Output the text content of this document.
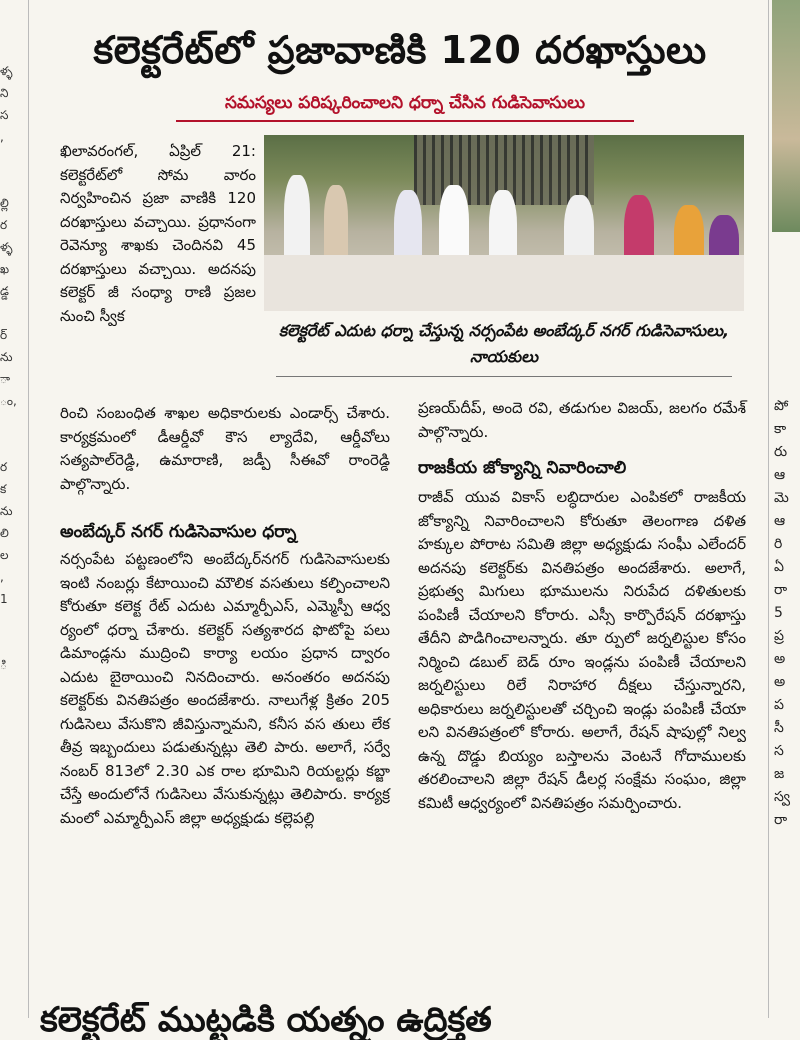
ళ్ళ
ని
స
,

ల్లి
ర
ళ్ళ
ఖ
డ్డ

ర్
ను
ా
ం,

ర
క
ను
లి
ల
,
1

ి
పో
కా
రు
ఆ
మె
ఆ
రి
ఏ
రా
5
ప్ర
అ
అ
ప
సీ
స
జ
స్వ
రా
కలెక్టరేట్‌లో ప్రజావాణికి 120 దరఖాస్తులు
సమస్యలు పరిష్కరించాలని ధర్నా చేసిన గుడిసెవాసులు
ఖిలావరంగల్, ఏప్రిల్ 21: కలెక్టరేట్‌లో సోమ వారం నిర్వహించిన ప్రజా వాణికి 120 దరఖాస్తులు వచ్చాయి. ప్రధానంగా రెవెన్యూ శాఖకు చెందినవి 45 దరఖాస్తులు వచ్చాయి. అదనపు కలెక్టర్ జీ సంధ్యా రాణి ప్రజల నుంచి స్వీక
కలెక్టరేట్ ఎదుట ధర్నా చేస్తున్న నర్సంపేట అంబేద్కర్ నగర్ గుడిసెవాసులు, నాయకులు
రించి సంబంధిత శాఖల అధికారులకు ఎండార్స్ చేశారు. కార్యక్రమంలో డీఆర్డీవో కౌస ల్యాదేవి, ఆర్డీవోలు సత్యపాల్‌రెడ్డి, ఉమారాణి, జడ్పీ సీఈవో రాంరెడ్డి పాల్గొన్నారు.
అంబేద్కర్ నగర్ గుడిసెవాసుల ధర్నా
నర్సంపేట పట్టణంలోని అంబేద్కర్‌నగర్ గుడిసెవాసులకు ఇంటి నంబర్లు కేటాయించి మౌలిక వసతులు కల్పించాలని కోరుతూ కలెక్ట రేట్ ఎదుట ఎమ్మార్పీఎస్, ఎమ్మెస్పీ ఆధ్వ ర్యంలో ధర్నా చేశారు. కలెక్టర్ సత్యశారద ఫొటోపై పలు డిమాండ్లను ముద్రించి కార్యా లయం ప్రధాన ద్వారం ఎదుట బైఠాయించి నినదించారు. అనంతరం అదనపు కలెక్టర్‌కు వినతిపత్రం అందజేశారు. నాలుగేళ్ల క్రితం 205 గుడిసెలు వేసుకొని జీవిస్తున్నామని, కనీస వస తులు లేక తీవ్ర ఇబ్బందులు పడుతున్నట్లు తెలి పారు. అలాగే, సర్వే నంబర్ 813లో 2.30 ఎక రాల భూమిని రియల్టర్లు కబ్జా చేస్తే అందులోనే గుడిసెలు వేసుకున్నట్లు తెలిపారు. కార్యక్ర మంలో ఎమ్మార్పీఎస్ జిల్లా అధ్యక్షుడు కల్లెపల్లి
ప్రణయ్‌దీప్, అందె రవి, తడుగుల విజయ్, జలగం రమేశ్ పాల్గొన్నారు.
రాజకీయ జోక్యాన్ని నివారించాలి
రాజీవ్ యువ వికాస్ లబ్ధిదారుల ఎంపికలో రాజకీయ జోక్యాన్ని నివారించాలని కోరుతూ తెలంగాణ దళిత హక్కుల పోరాట సమితి జిల్లా అధ్యక్షుడు సంఘీ ఎలేందర్ అదనపు కలెక్టర్‌కు వినతిపత్రం అందజేశారు. అలాగే, ప్రభుత్వ మిగులు భూములను నిరుపేద దళితులకు పంపిణీ చేయాలని కోరారు. ఎస్సీ కార్పొరేషన్ దరఖాస్తు తేదీని పొడిగించాలన్నారు. తూ ర్పులో జర్నలిస్టుల కోసం నిర్మించి డబుల్ బెడ్ రూం ఇండ్లను పంపిణీ చేయాలని జర్నలిస్టులు రిలే నిరాహార దీక్షలు చేస్తున్నారని, అధికారులు జర్నలిస్టులతో చర్చించి ఇండ్లు పంపిణీ చేయా లని వినతిపత్రంలో కోరారు. అలాగే, రేషన్ షాపుల్లో నిల్వ ఉన్న దొడ్డు బియ్యం బస్తాలను వెంటనే గోదాములకు తరలించాలని జిల్లా రేషన్ డీలర్ల సంక్షేమ సంఘం, జిల్లా కమిటీ ఆధ్వర్యంలో వినతిపత్రం సమర్పించారు.
కలెక్టరేట్ ముట్టడికి యత్నం ఉద్రిక్తత
